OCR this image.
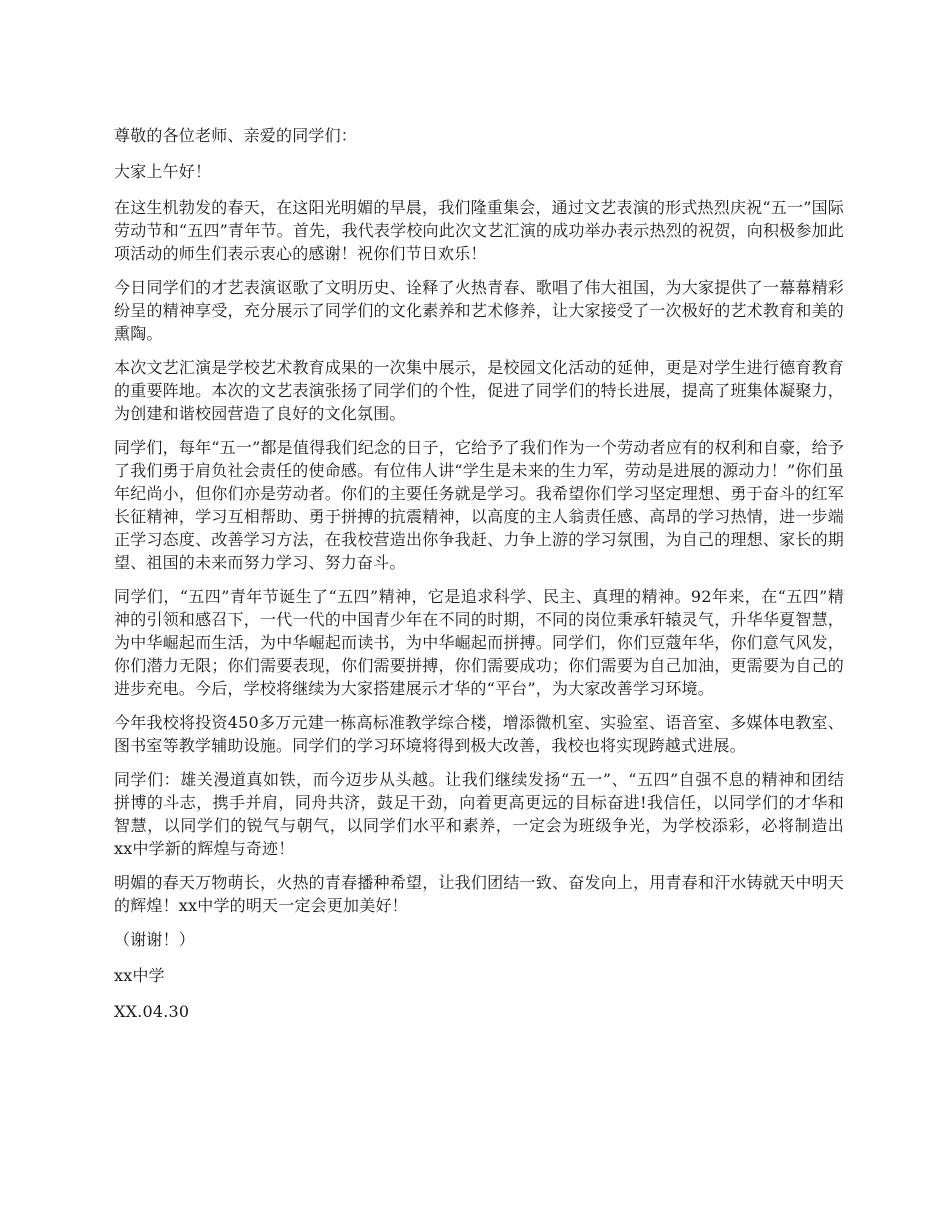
尊敬的各位老师、亲爱的同学们：

大家上午好！

在这生机勃发的春天，在这阳光明媚的早晨，我们隆重集会，通过文艺表演的形式热烈庆祝“五一”国际劳动节和“五四”青年节。首先，我代表学校向此次文艺汇演的成功举办表示热烈的祝贺，向积极参加此项活动的师生们表示衷心的感谢！祝你们节日欢乐！

今日同学们的才艺表演讴歌了文明历史、诠释了火热青春、歌唱了伟大祖国，为大家提供了一幕幕精彩纷呈的精神享受，充分展示了同学们的文化素养和艺术修养，让大家接受了一次极好的艺术教育和美的熏陶。

本次文艺汇演是学校艺术教育成果的一次集中展示，是校园文化活动的延伸，更是对学生进行德育教育的重要阵地。本次的文艺表演张扬了同学们的个性，促进了同学们的特长进展，提高了班集体凝聚力，为创建和谐校园营造了良好的文化氛围。

同学们，每年“五一”都是值得我们纪念的日子，它给予了我们作为一个劳动者应有的权利和自豪，给予了我们勇于肩负社会责任的使命感。有位伟人讲“学生是未来的生力军，劳动是进展的源动力！”你们虽年纪尚小，但你们亦是劳动者。你们的主要任务就是学习。我希望你们学习坚定理想、勇于奋斗的红军长征精神，学习互相帮助、勇于拼搏的抗震精神，以高度的主人翁责任感、高昂的学习热情，进一步端正学习态度、改善学习方法，在我校营造出你争我赶、力争上游的学习氛围，为自己的理想、家长的期望、祖国的未来而努力学习、努力奋斗。

同学们，“五四”青年节诞生了“五四”精神，它是追求科学、民主、真理的精神。92年来，在“五四”精神的引领和感召下，一代一代的中国青少年在不同的时期，不同的岗位秉承轩辕灵气，升华华夏智慧，为中华崛起而生活，为中华崛起而读书，为中华崛起而拼搏。同学们，你们豆蔻年华，你们意气风发，你们潜力无限；你们需要表现，你们需要拼搏，你们需要成功；你们需要为自己加油，更需要为自己的进步充电。今后，学校将继续为大家搭建展示才华的“平台”，为大家改善学习环境。

今年我校将投资450多万元建一栋高标准教学综合楼，增添微机室、实验室、语音室、多媒体电教室、图书室等教学辅助设施。同学们的学习环境将得到极大改善，我校也将实现跨越式进展。

同学们：雄关漫道真如铁，而今迈步从头越。让我们继续发扬“五一”、“五四”自强不息的精神和团结拼博的斗志，携手并肩，同舟共济，鼓足干劲，向着更高更远的目标奋进!我信任，以同学们的才华和智慧，以同学们的锐气与朝气，以同学们水平和素养，一定会为班级争光，为学校添彩，必将制造出xx中学新的辉煌与奇迹！

明媚的春天万物萌长，火热的青春播种希望，让我们团结一致、奋发向上，用青春和汗水铸就天中明天的辉煌！xx中学的明天一定会更加美好！

（谢谢！）

xx中学

XX.04.30
